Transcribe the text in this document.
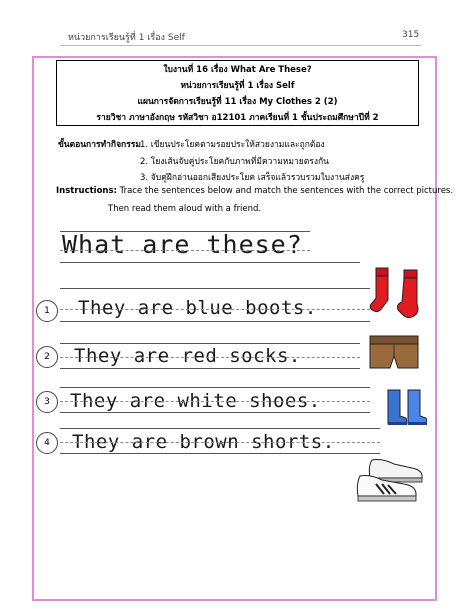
หน่วยการเรียนรู้ที่ 1 เรื่อง Self	315
ใบงานที่ 16 เรื่อง What Are These?
หน่วยการเรียนรู้ที่ 1 เรื่อง Self
แผนการจัดการเรียนรู้ที่ 11 เรื่อง My Clothes 2 (2)
รายวิชา ภาษาอังกฤษ รหัสวิชา อ12101 ภาคเรียนที่ 1 ชั้นประถมศึกษาปีที่ 2
ขั้นตอนการทำกิจกรรม 1. เขียนประโยคตามรอยประให้สวยงามและถูกต้อง
2. โยงเส้นจับคู่ประโยคกับภาพที่มีความหมายตรงกัน
3. จับคู่ฝึกอ่านออกเสียงประโยค เสร็จแล้วรวบรวมใบงานส่งครู
Instructions: Trace the sentences below and match the sentences with the correct pictures.
Then read them aloud with a friend.
What are these?
1	They are blue boots.
2	They are red socks.
3	They are white shoes.
4	They are brown shorts.
